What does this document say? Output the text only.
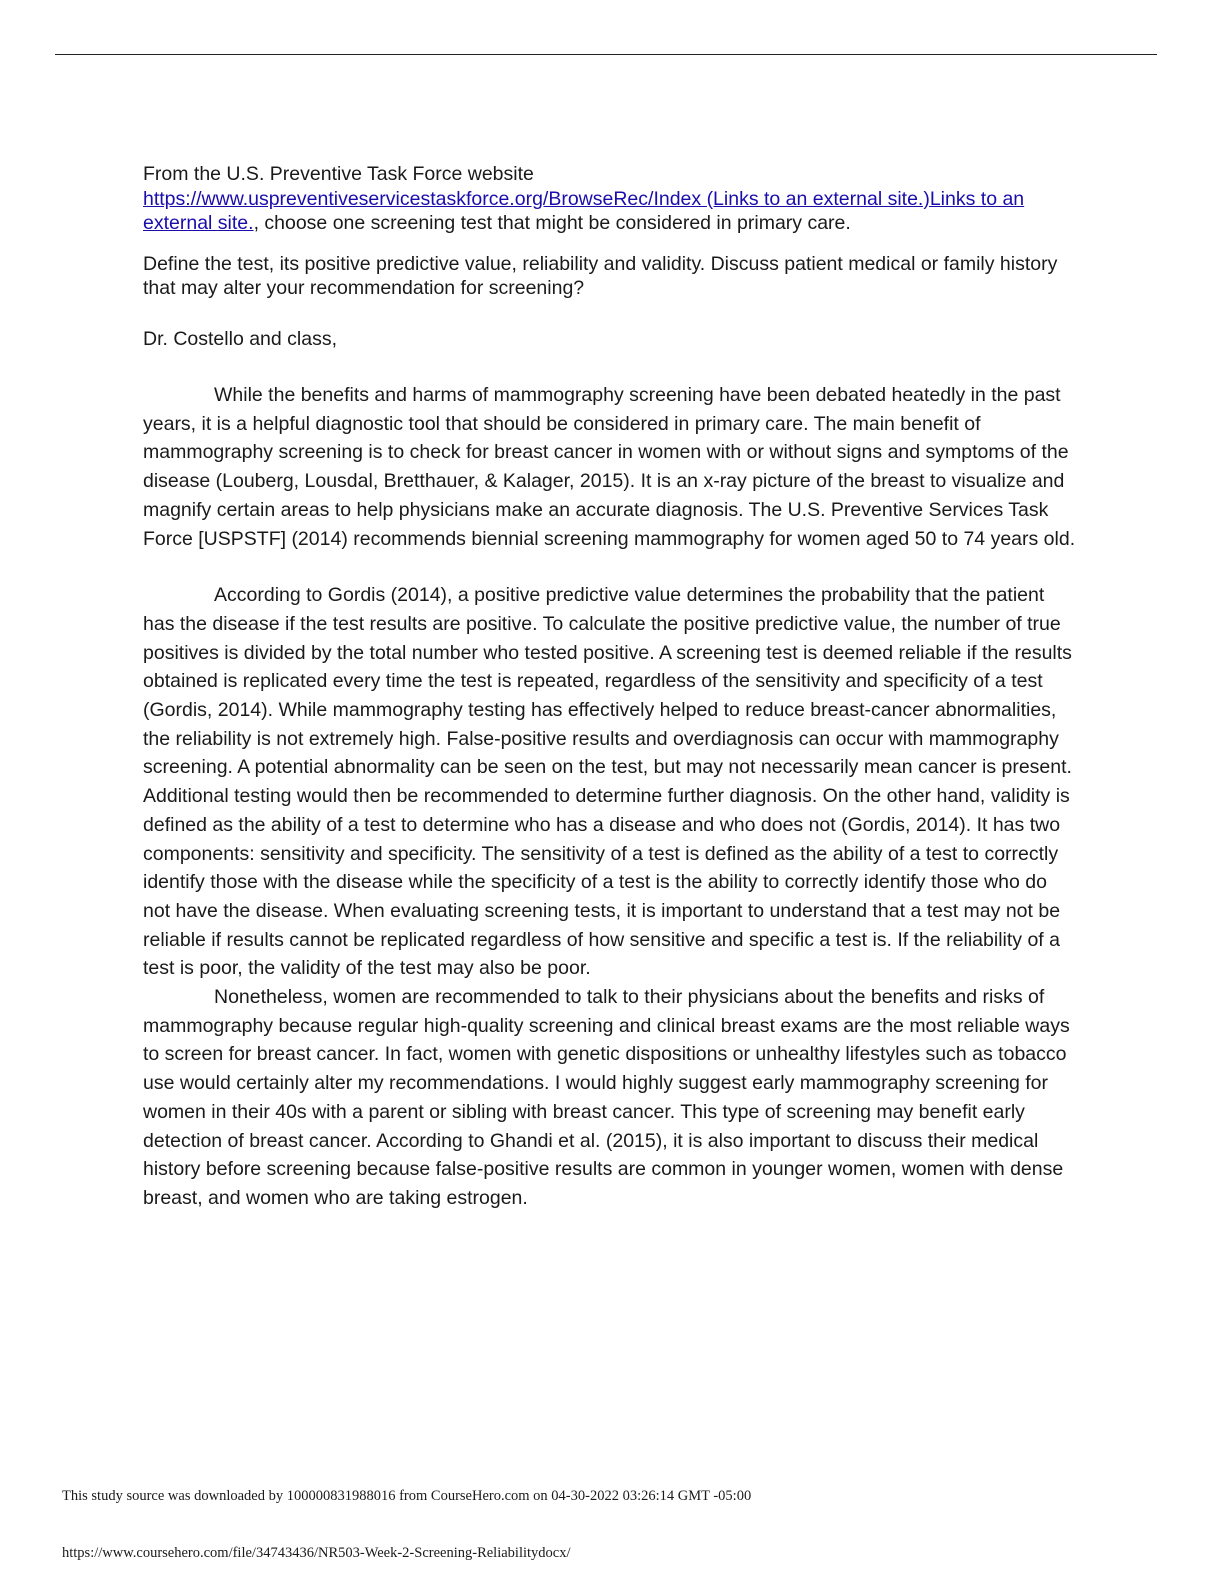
From the U.S. Preventive Task Force website
https://www.uspreventiveservicestaskforce.org/BrowseRec/Index (Links to an external site.)Links to an external site., choose one screening test that might be considered in primary care.

Define the test, its positive predictive value, reliability and validity. Discuss patient medical or family history that may alter your recommendation for screening?

Dr. Costello and class,

While the benefits and harms of mammography screening have been debated heatedly in the past years, it is a helpful diagnostic tool that should be considered in primary care. The main benefit of mammography screening is to check for breast cancer in women with or without signs and symptoms of the disease (Louberg, Lousdal, Bretthauer, & Kalager, 2015). It is an x-ray picture of the breast to visualize and magnify certain areas to help physicians make an accurate diagnosis. The U.S. Preventive Services Task Force [USPSTF] (2014) recommends biennial screening mammography for women aged 50 to 74 years old.

According to Gordis (2014), a positive predictive value determines the probability that the patient has the disease if the test results are positive. To calculate the positive predictive value, the number of true positives is divided by the total number who tested positive. A screening test is deemed reliable if the results obtained is replicated every time the test is repeated, regardless of the sensitivity and specificity of a test (Gordis, 2014). While mammography testing has effectively helped to reduce breast-cancer abnormalities, the reliability is not extremely high. False-positive results and overdiagnosis can occur with mammography screening. A potential abnormality can be seen on the test, but may not necessarily mean cancer is present. Additional testing would then be recommended to determine further diagnosis. On the other hand, validity is defined as the ability of a test to determine who has a disease and who does not (Gordis, 2014). It has two components: sensitivity and specificity. The sensitivity of a test is defined as the ability of a test to correctly identify those with the disease while the specificity of a test is the ability to correctly identify those who do not have the disease. When evaluating screening tests, it is important to understand that a test may not be reliable if results cannot be replicated regardless of how sensitive and specific a test is. If the reliability of a test is poor, the validity of the test may also be poor.

Nonetheless, women are recommended to talk to their physicians about the benefits and risks of mammography because regular high-quality screening and clinical breast exams are the most reliable ways to screen for breast cancer. In fact, women with genetic dispositions or unhealthy lifestyles such as tobacco use would certainly alter my recommendations. I would highly suggest early mammography screening for women in their 40s with a parent or sibling with breast cancer. This type of screening may benefit early detection of breast cancer. According to Ghandi et al. (2015), it is also important to discuss their medical history before screening because false-positive results are common in younger women, women with dense breast, and women who are taking estrogen.

This study source was downloaded by 100000831988016 from CourseHero.com on 04-30-2022 03:26:14 GMT -05:00
https://www.coursehero.com/file/34743436/NR503-Week-2-Screening-Reliabilitydocx/
